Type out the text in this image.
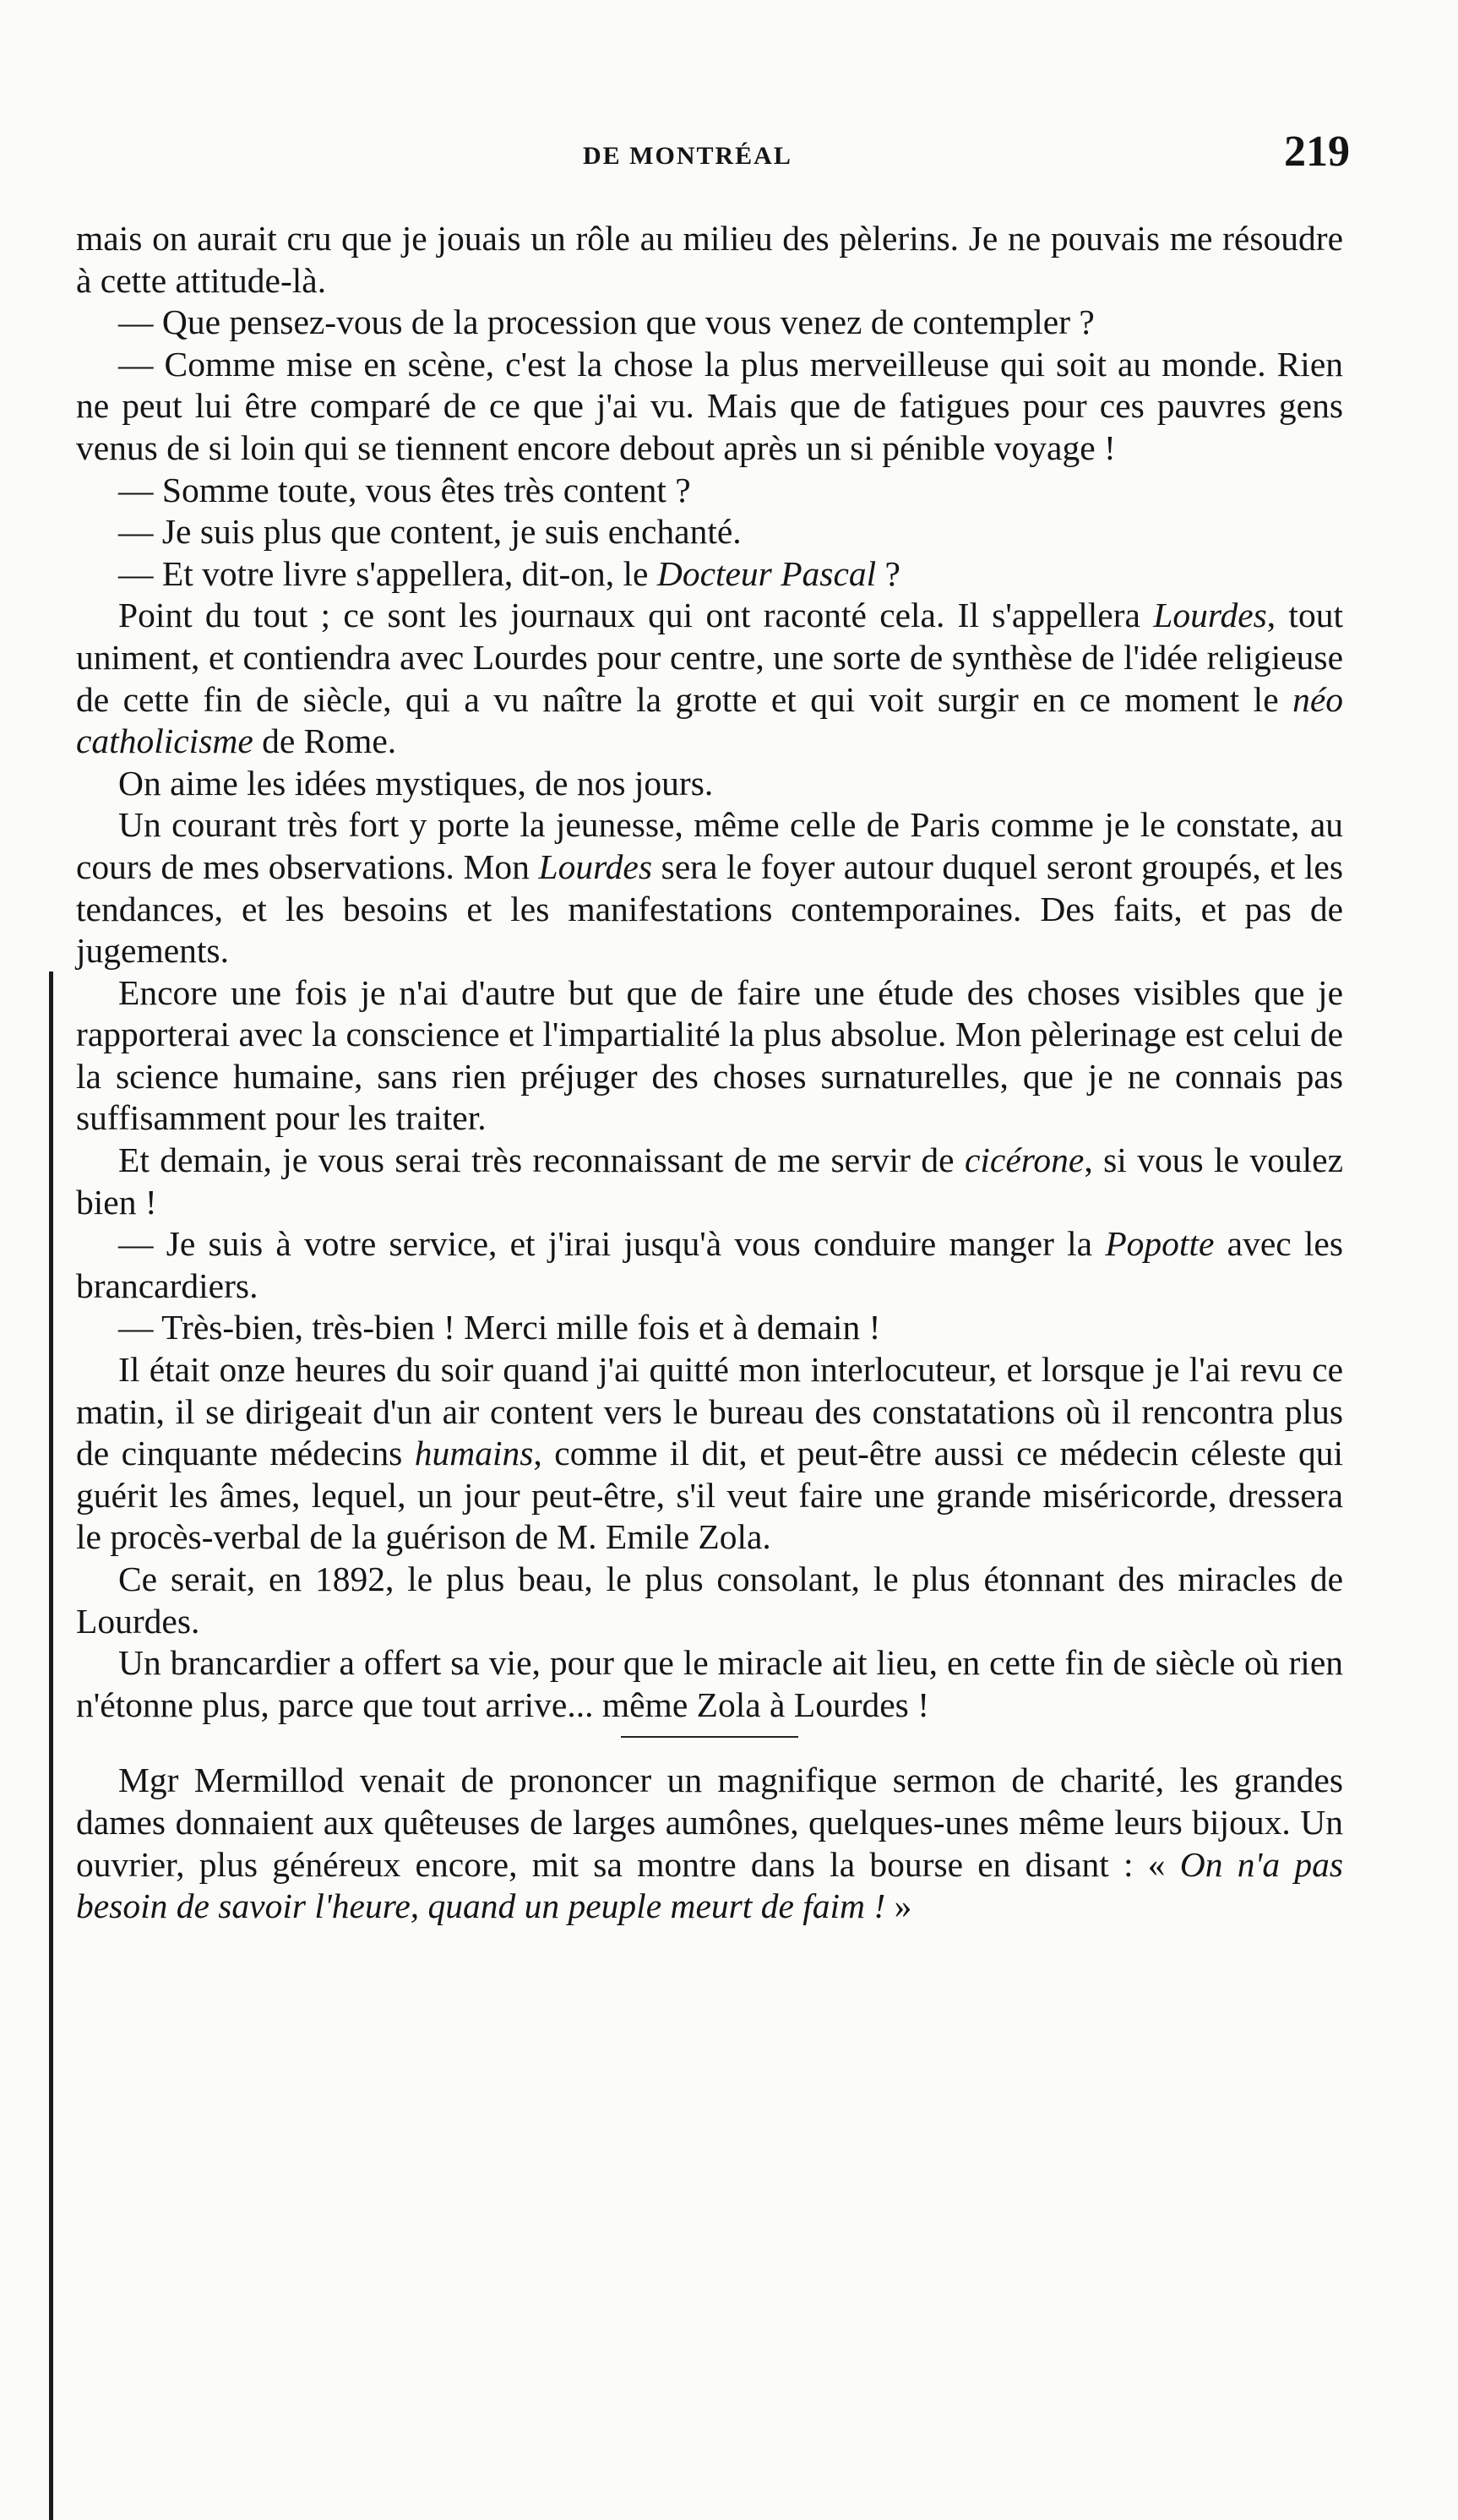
DE MONTRÉAL	219

mais on aurait cru que je jouais un rôle au milieu des pèlerins. Je ne pouvais me résoudre à cette attitude-là.

— Que pensez-vous de la procession que vous venez de contempler ?

— Comme mise en scène, c'est la chose la plus merveilleuse qui soit au monde. Rien ne peut lui être comparé de ce que j'ai vu. Mais que de fatigues pour ces pauvres gens venus de si loin qui se tiennent encore debout après un si pénible voyage !

— Somme toute, vous êtes très content ?

— Je suis plus que content, je suis enchanté.

— Et votre livre s'appellera, dit-on, le Docteur Pascal ?

Point du tout ; ce sont les journaux qui ont raconté cela. Il s'appellera Lourdes, tout uniment, et contiendra avec Lourdes pour centre, une sorte de synthèse de l'idée religieuse de cette fin de siècle, qui a vu naître la grotte et qui voit surgir en ce moment le néo catholicisme de Rome.

On aime les idées mystiques, de nos jours.

Un courant très fort y porte la jeunesse, même celle de Paris comme je le constate, au cours de mes observations. Mon Lourdes sera le foyer autour duquel seront groupés, et les tendances, et les besoins et les manifestations contemporaines. Des faits, et pas de jugements.

Encore une fois je n'ai d'autre but que de faire une étude des choses visibles que je rapporterai avec la conscience et l'impartialité la plus absolue. Mon pèlerinage est celui de la science humaine, sans rien préjuger des choses surnaturelles, que je ne connais pas suffisamment pour les traiter.

Et demain, je vous serai très reconnaissant de me servir de cicérone, si vous le voulez bien !

— Je suis à votre service, et j'irai jusqu'à vous conduire manger la Popotte avec les brancardiers.

— Très-bien, très-bien ! Merci mille fois et à demain !

Il était onze heures du soir quand j'ai quitté mon interlocuteur, et lorsque je l'ai revu ce matin, il se dirigeait d'un air content vers le bureau des constatations où il rencontra plus de cinquante médecins humains, comme il dit, et peut-être aussi ce médecin céleste qui guérit les âmes, lequel, un jour peut-être, s'il veut faire une grande miséricorde, dressera le procès-verbal de la guérison de M. Emile Zola.

Ce serait, en 1892, le plus beau, le plus consolant, le plus étonnant des miracles de Lourdes.

Un brancardier a offert sa vie, pour que le miracle ait lieu, en cette fin de siècle où rien n'étonne plus, parce que tout arrive... même Zola à Lourdes !

Mgr Mermillod venait de prononcer un magnifique sermon de charité, les grandes dames donnaient aux quêteuses de larges aumônes, quelques-unes même leurs bijoux. Un ouvrier, plus généreux encore, mit sa montre dans la bourse en disant : « On n'a pas besoin de savoir l'heure, quand un peuple meurt de faim ! »
